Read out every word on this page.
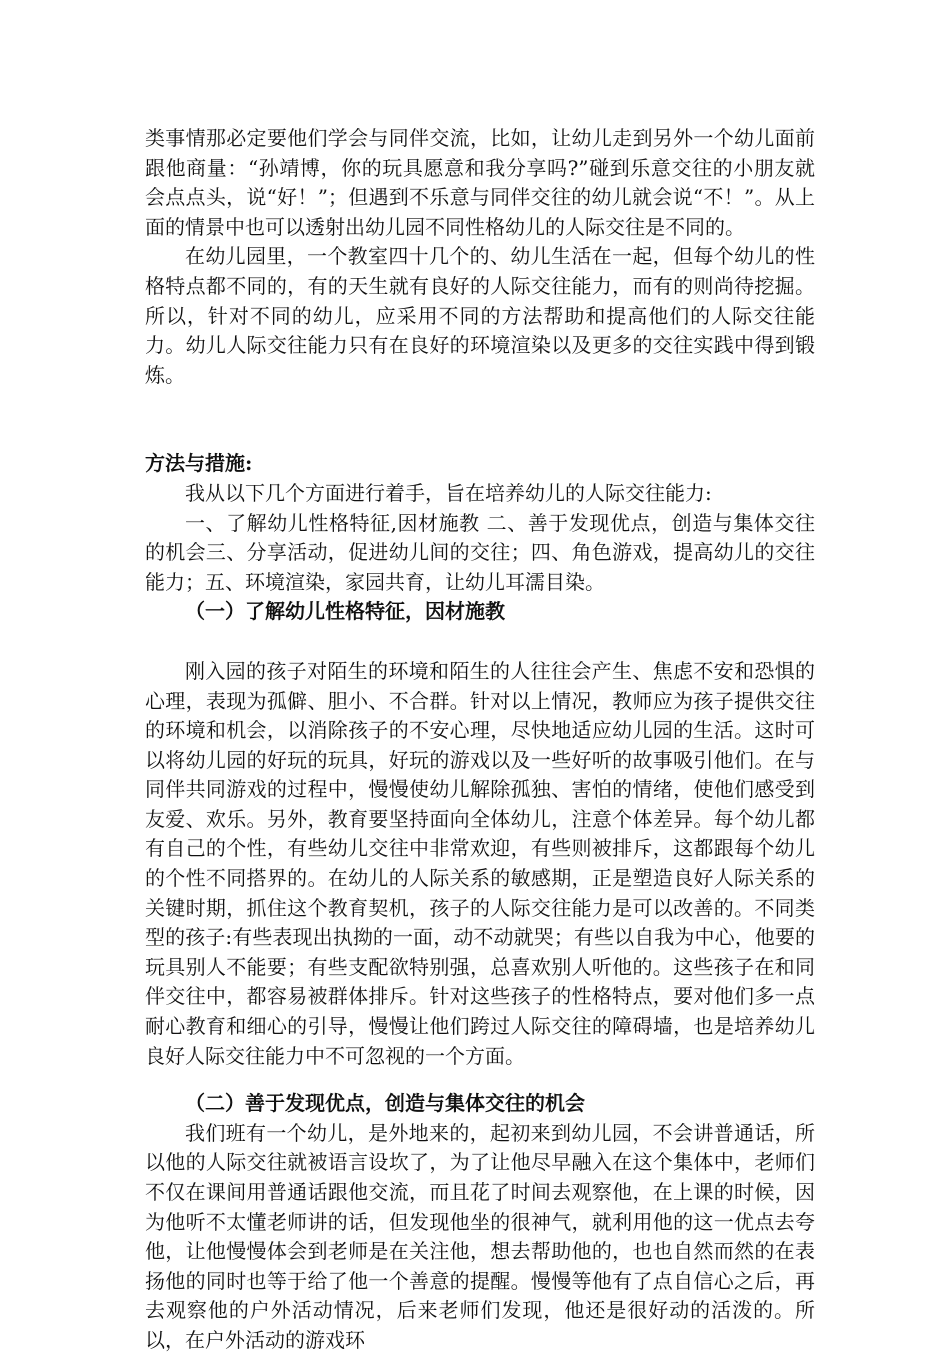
类事情那必定要他们学会与同伴交流，比如，让幼儿走到另外一个幼儿面前跟他商量：“孙靖博，你的玩具愿意和我分享吗?”碰到乐意交往的小朋友就会点点头，说“好！”；但遇到不乐意与同伴交往的幼儿就会说“不！”。从上面的情景中也可以透射出幼儿园不同性格幼儿的人际交往是不同的。

在幼儿园里，一个教室四十几个的、幼儿生活在一起，但每个幼儿的性格特点都不同的，有的天生就有良好的人际交往能力，而有的则尚待挖掘。所以，针对不同的幼儿，应采用不同的方法帮助和提高他们的人际交往能力。幼儿人际交往能力只有在良好的环境渲染以及更多的交往实践中得到锻炼。

方法与措施:

我从以下几个方面进行着手，旨在培养幼儿的人际交往能力:

一、了解幼儿性格特征,因材施教 二、善于发现优点，创造与集体交往的机会三、分享活动，促进幼儿间的交往；四、角色游戏，提高幼儿的交往能力；五、环境渲染，家园共育，让幼儿耳濡目染。

（一）了解幼儿性格特征，因材施教

刚入园的孩子对陌生的环境和陌生的人往往会产生、焦虑不安和恐惧的心理，表现为孤僻、胆小、不合群。针对以上情况，教师应为孩子提供交往的环境和机会，以消除孩子的不安心理，尽快地适应幼儿园的生活。这时可以将幼儿园的好玩的玩具，好玩的游戏以及一些好听的故事吸引他们。在与同伴共同游戏的过程中，慢慢使幼儿解除孤独、害怕的情绪，使他们感受到友爱、欢乐。另外，教育要坚持面向全体幼儿，注意个体差异。每个幼儿都有自己的个性，有些幼儿交往中非常欢迎，有些则被排斥，这都跟每个幼儿的个性不同搭界的。在幼儿的人际关系的敏感期，正是塑造良好人际关系的关键时期，抓住这个教育契机，孩子的人际交往能力是可以改善的。不同类型的孩子:有些表现出执拗的一面，动不动就哭；有些以自我为中心，他要的玩具别人不能要；有些支配欲特别强，总喜欢别人听他的。这些孩子在和同伴交往中，都容易被群体排斥。针对这些孩子的性格特点，要对他们多一点耐心教育和细心的引导，慢慢让他们跨过人际交往的障碍墙，也是培养幼儿良好人际交往能力中不可忽视的一个方面。

（二）善于发现优点，创造与集体交往的机会

我们班有一个幼儿，是外地来的，起初来到幼儿园，不会讲普通话，所以他的人际交往就被语言设坎了，为了让他尽早融入在这个集体中，老师们不仅在课间用普通话跟他交流，而且花了时间去观察他，在上课的时候，因为他听不太懂老师讲的话，但发现他坐的很神气，就利用他的这一优点去夸他，让他慢慢体会到老师是在关注他，想去帮助他的，也也自然而然的在表扬他的同时也等于给了他一个善意的提醒。慢慢等他有了点自信心之后，再去观察他的户外活动情况，后来老师们发现，他还是很好动的活泼的。所以，在户外活动的游戏环
